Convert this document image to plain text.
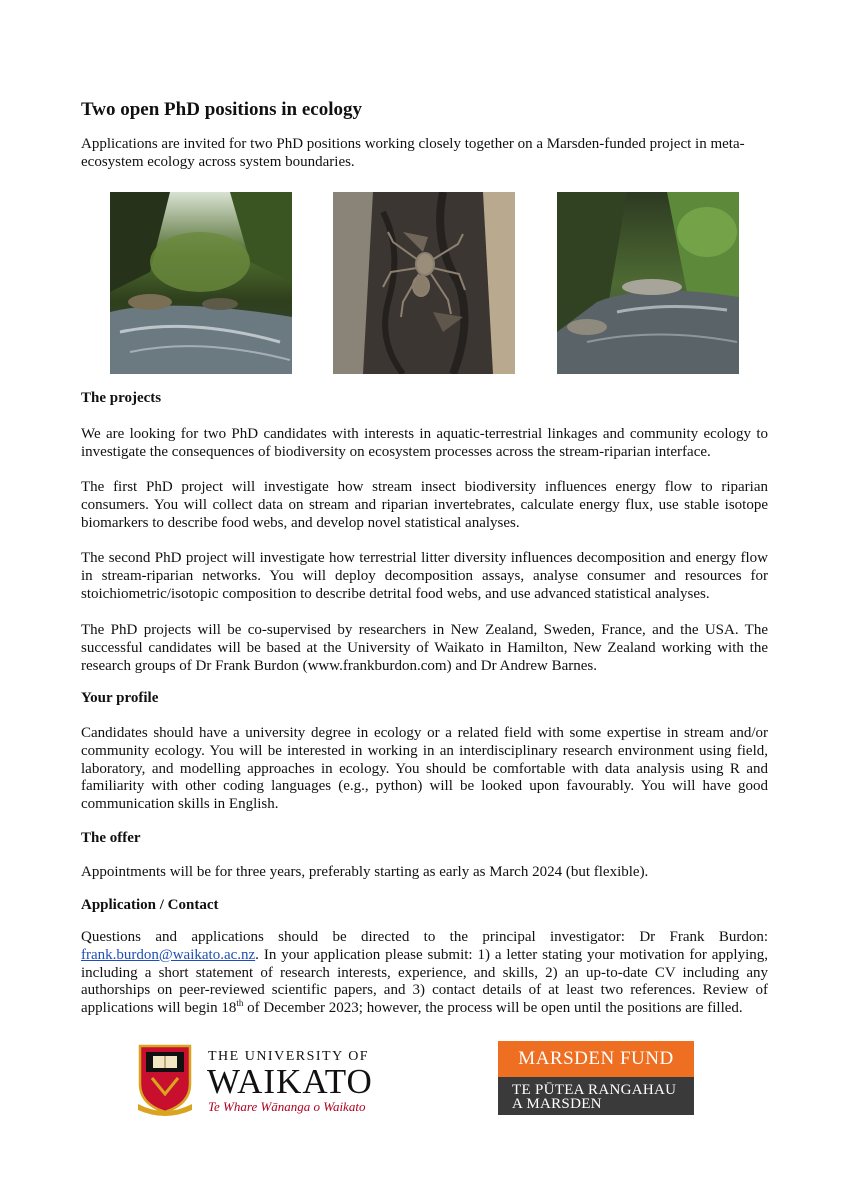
Two open PhD positions in ecology

Applications are invited for two PhD positions working closely together on a Marsden-funded project in meta-ecosystem ecology across system boundaries.

The projects

We are looking for two PhD candidates with interests in aquatic-terrestrial linkages and community ecology to investigate the consequences of biodiversity on ecosystem processes across the stream-riparian interface.

The first PhD project will investigate how stream insect biodiversity influences energy flow to riparian consumers. You will collect data on stream and riparian invertebrates, calculate energy flux, use stable isotope biomarkers to describe food webs, and develop novel statistical analyses.

The second PhD project will investigate how terrestrial litter diversity influences decomposition and energy flow in stream-riparian networks. You will deploy decomposition assays, analyse consumer and resources for stoichiometric/isotopic composition to describe detrital food webs, and use advanced statistical analyses.

The PhD projects will be co-supervised by researchers in New Zealand, Sweden, France, and the USA. The successful candidates will be based at the University of Waikato in Hamilton, New Zealand working with the research groups of Dr Frank Burdon (www.frankburdon.com) and Dr Andrew Barnes.

Your profile

Candidates should have a university degree in ecology or a related field with some expertise in stream and/or community ecology. You will be interested in working in an interdisciplinary research environment using field, laboratory, and modelling approaches in ecology. You should be comfortable with data analysis using R and familiarity with other coding languages (e.g., python) will be looked upon favourably. You will have good communication skills in English.

The offer

Appointments will be for three years, preferably starting as early as March 2024 (but flexible).

Application / Contact

Questions and applications should be directed to the principal investigator: Dr Frank Burdon: frank.burdon@waikato.ac.nz. In your application please submit: 1) a letter stating your motivation for applying, including a short statement of research interests, experience, and skills, 2) an up-to-date CV including any authorships on peer-reviewed scientific papers, and 3) contact details of at least two references. Review of applications will begin 18th of December 2023; however, the process will be open until the positions are filled.

THE UNIVERSITY OF
WAIKATO
Te Whare Wānanga o Waikato
MARSDEN FUND
TE PŪTEA RANGAHAU
A MARSDEN
